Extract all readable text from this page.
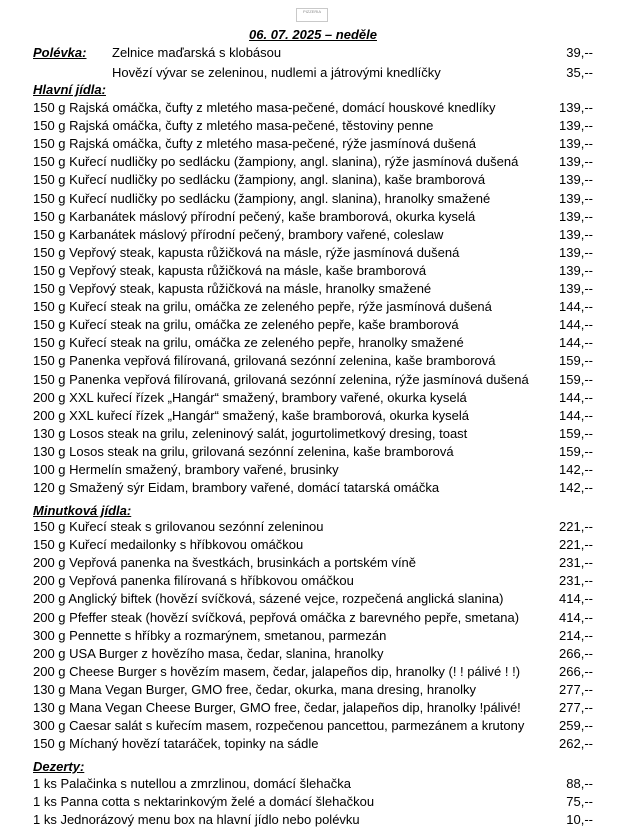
PIZZERIA
06. 07. 2025 – neděle
Polévka: Zelnice maďarská s klobásou	39,--
Hovězí vývar se zeleninou, nudlemi a játrovými knedlíčky	35,--
Hlavní jídla:
150 g Rajská omáčka, čufty z mletého masa-pečené, domácí houskové knedlíky	139,--
150 g Rajská omáčka, čufty z mletého masa-pečené, těstoviny penne	139,--
150 g Rajská omáčka, čufty z mletého masa-pečené, rýže jasmínová dušená	139,--
150 g Kuřecí nudličky po sedlácku (žampiony, angl. slanina), rýže jasmínová dušená	139,--
150 g Kuřecí nudličky po sedlácku (žampiony, angl. slanina), kaše bramborová	139,--
150 g Kuřecí nudličky po sedlácku (žampiony, angl. slanina), hranolky smažené	139,--
150 g Karbanátek máslový přírodní pečený, kaše bramborová, okurka kyselá	139,--
150 g Karbanátek máslový přírodní pečený, brambory vařené, coleslaw	139,--
150 g Vepřový steak, kapusta růžičková na másle, rýže jasmínová dušená	139,--
150 g Vepřový steak, kapusta růžičková na másle, kaše bramborová	139,--
150 g Vepřový steak, kapusta růžičková na másle, hranolky smažené	139,--
150 g Kuřecí steak na grilu, omáčka ze zeleného pepře, rýže jasmínová dušená	144,--
150 g Kuřecí steak na grilu, omáčka ze zeleného pepře, kaše bramborová	144,--
150 g Kuřecí steak na grilu, omáčka ze zeleného pepře, hranolky smažené	144,--
150 g Panenka vepřová filírovaná, grilovaná sezónní zelenina, kaše bramborová	159,--
150 g Panenka vepřová filírovaná, grilovaná sezónní zelenina, rýže jasmínová dušená 159,--
200 g XXL kuřecí řízek „Hangár“ smažený, brambory vařené, okurka kyselá	144,--
200 g XXL kuřecí řízek „Hangár“ smažený, kaše bramborová, okurka kyselá	144,--
130 g Losos steak na grilu, zeleninový salát, jogurtolimetkový dresing, toast	159,--
130 g Losos steak na grilu, grilovaná sezónní zelenina, kaše bramborová	159,--
100 g Hermelín smažený, brambory vařené, brusinky	142,--
120 g Smažený sýr Eidam, brambory vařené, domácí tatarská omáčka	142,--
Minutková jídla:
150 g Kuřecí steak s grilovanou sezónní zeleninou	221,--
150 g Kuřecí medailonky s hříbkovou omáčkou	221,--
200 g Vepřová panenka na švestkách, brusinkách a portském víně	231,--
200 g Vepřová panenka filírovaná s hříbkovou omáčkou	231,--
200 g Anglický biftek (hovězí svíčková, sázené vejce, rozpečená anglická slanina)	414,--
200 g Pfeffer steak (hovězí svíčková, pepřová omáčka z barevného pepře, smetana)	414,--
300 g Pennette s hříbky a rozmarýnem, smetanou, parmezán	214,--
200 g USA Burger z hovězího masa, čedar, slanina, hranolky	266,--
200 g Cheese Burger s hovězím masem, čedar, jalapeños dip, hranolky (! ! pálivé ! !)	266,--
130 g Mana Vegan Burger, GMO free, čedar, okurka, mana dresing, hranolky	277,--
130 g Mana Vegan Cheese Burger, GMO free, čedar, jalapeños dip, hranolky !pálivé!	277,--
300 g Caesar salát s kuřecím masem, rozpečenou pancettou, parmezánem a krutony	259,--
150 g Míchaný hovězí tataráček, topinky na sádle	262,--
Dezerty:
1 ks Palačinka s nutellou a zmrzlinou, domácí šlehačka	88,--
1 ks Panna cotta s nektarinkovým želé a domácí šlehačkou	75,--
1 ks Jednorázový menu box na hlavní jídlo nebo polévku	10,--
